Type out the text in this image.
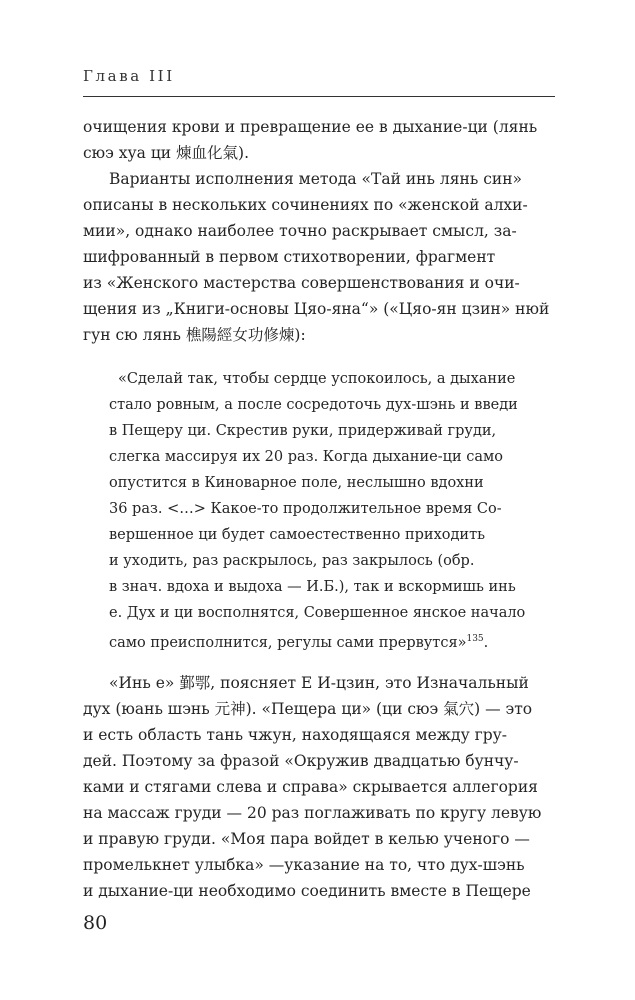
Глава III

очищения крови и превращение ее в дыхание-ци (лянь

сюэ хуа ци 煉血化氣).

Варианты исполнения метода «Тай инь лянь син»

описаны в нескольких сочинениях по «женской алхи-

мии», однако наиболее точно раскрывает смысл, за-

шифрованный в первом стихотворении, фрагмент

из «Женского мастерства совершенствования и очи-

щения из „Книги-основы Цяо-яна“» («Цяо-ян цзин» нюй

гун сю лянь 樵陽經女功修煉):

«Сделай так, чтобы сердце успокоилось, а дыхание

стало ровным, а после сосредоточь дух-шэнь и введи

в Пещеру ци. Скрестив руки, придерживай груди,

слегка массируя их 20 раз. Когда дыхание-ци само

опустится в Киноварное поле, неслышно вдохни

36 раз. <…> Какое-то продолжительное время Со-

вершенное ци будет самоестественно приходить

и уходить, раз раскрылось, раз закрылось (обр.

в знач. вдоха и выдоха — И.Б.), так и вскормишь инь

е. Дух и ци восполнятся, Совершенное янское начало

само преисполнится, регулы сами прервутся»$^{135}$.

«Инь е» 鄞鄂, поясняет Е И-цзин, это Изначальный

дух (юань шэнь 元神). «Пещера ци» (ци сюэ 氣穴) — это

и есть область тань чжун, находящаяся между гру-

дей. Поэтому за фразой «Окружив двадцатью бунчу-

ками и стягами слева и справа» скрывается аллегория

на массаж груди — 20 раз поглаживать по кругу левую

и правую груди. «Моя пара войдет в келью ученого —

промелькнет улыбка» —указание на то, что дух-шэнь

и дыхание-ци необходимо соединить вместе в Пещере

80
